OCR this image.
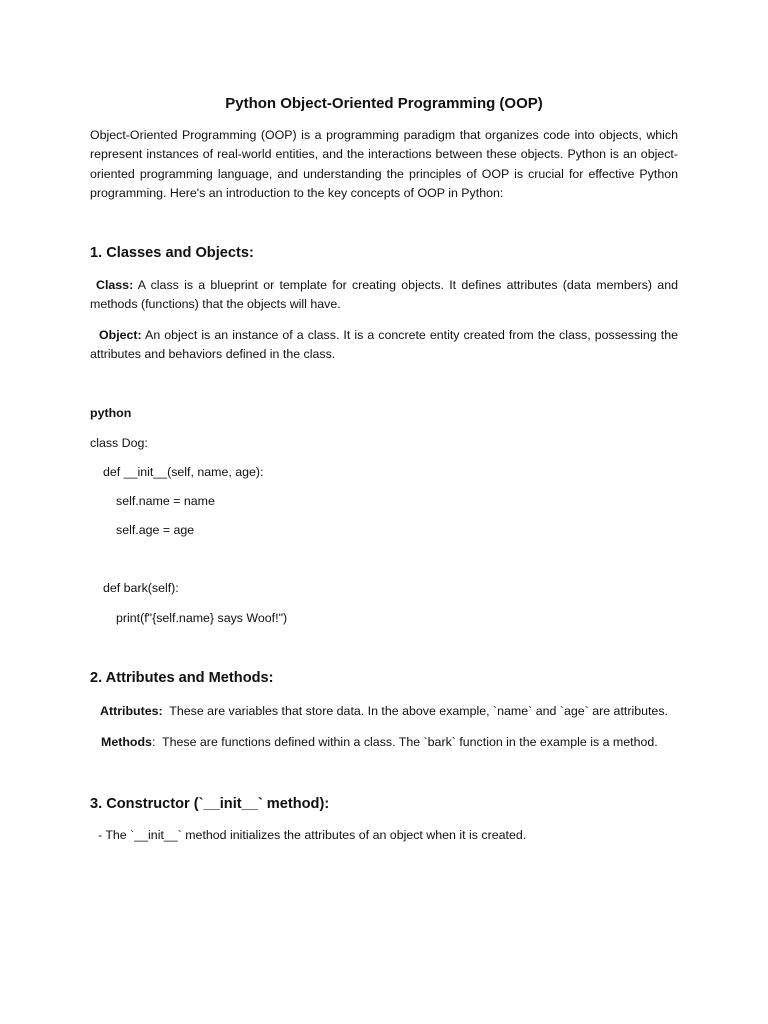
Python Object-Oriented Programming (OOP)
Object-Oriented Programming (OOP) is a programming paradigm that organizes code into objects, which represent instances of real-world entities, and the interactions between these objects. Python is an object-oriented programming language, and understanding the principles of OOP is crucial for effective Python programming. Here's an introduction to the key concepts of OOP in Python:
1. Classes and Objects:
Class: A class is a blueprint or template for creating objects. It defines attributes (data members) and methods (functions) that the objects will have.
Object: An object is an instance of a class. It is a concrete entity created from the class, possessing the attributes and behaviors defined in the class.
python
class Dog:
def __init__(self, name, age):
self.name = name
self.age = age
def bark(self):
print(f"{self.name} says Woof!")
2. Attributes and Methods:
Attributes:  These are variables that store data. In the above example, `name` and `age` are attributes.
Methods:  These are functions defined within a class. The `bark` function in the example is a method.
3. Constructor (`__init__` method):
- The `__init__` method initializes the attributes of an object when it is created.
